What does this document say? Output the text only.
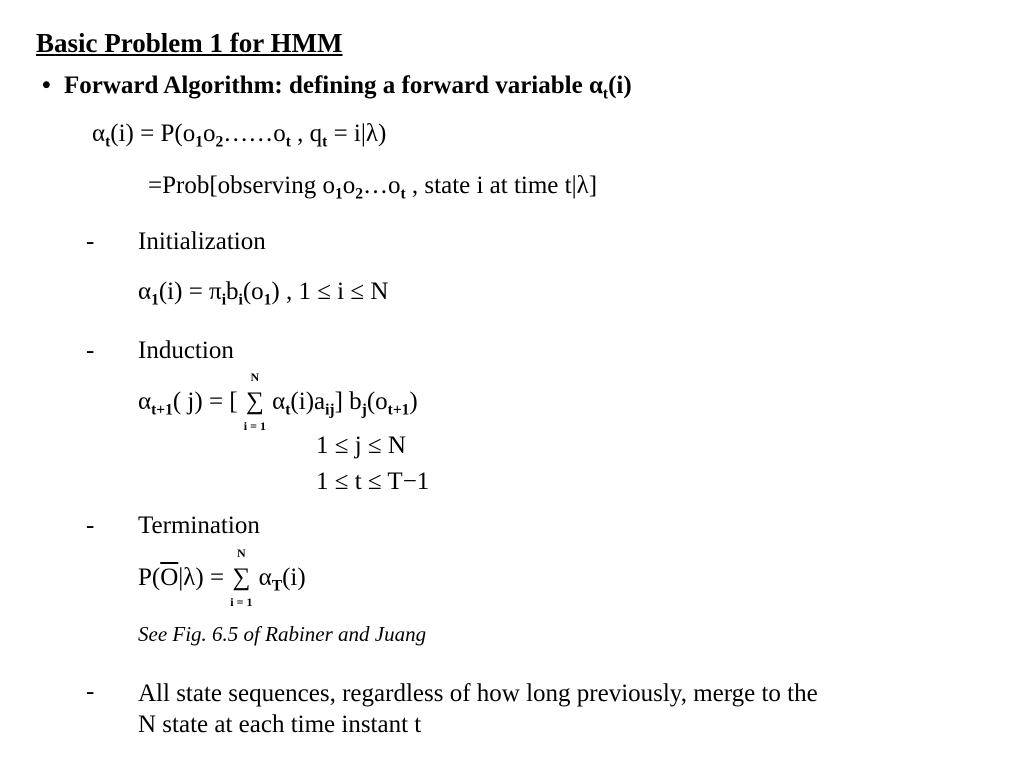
Basic Problem 1 for HMM
• Forward Algorithm: defining a forward variable $\alpha_t(i)$
$\alpha_t(i)$ = $P(o_1o_2\dots\dots o_t$ , $q_t = i|\lambda$)
=Prob[observing $o_1o_2\dots o_t$ , state i at time t|λ]
- Initialization
$\alpha_1(i) = \pi_ib_i(o_1)$ , 1 ≤ i ≤ N
- Induction
$\alpha_{t+1}$( j) = [
N
∑
i = 1
$\alpha_t(i)a_{ij}$] $b_j(o_{t+1})$
1 ≤ j ≤ N
1 ≤ t ≤ T−1
- Termination
$P(\overline{O}|\lambda)$ =
N
∑
i = 1
$\alpha_T(i)$
See Fig. 6.5 of Rabiner and Juang
- All state sequences, regardless of how long previously, merge to the
N state at each time instant t
